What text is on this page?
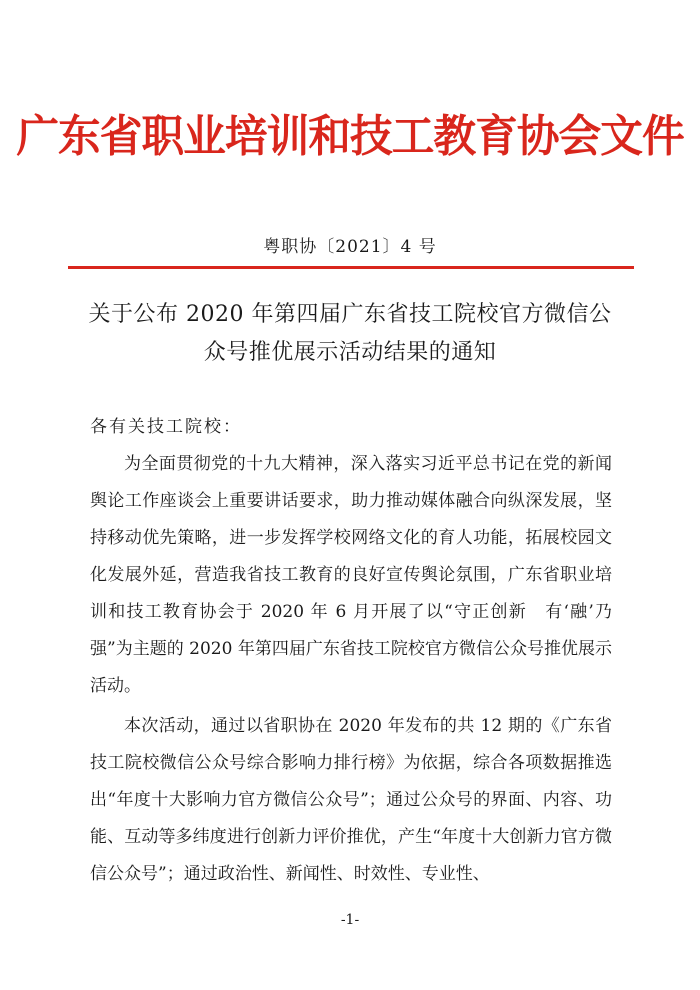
广东省职业培训和技工教育协会文件
粤职协〔2021〕4 号
关于公布 2020 年第四届广东省技工院校官方微信公
众号推优展示活动结果的通知
各有关技工院校：

为全面贯彻党的十九大精神，深入落实习近平总书记在党的新闻舆论工作座谈会上重要讲话要求，助力推动媒体融合向纵深发展，坚持移动优先策略，进一步发挥学校网络文化的育人功能，拓展校园文化发展外延，营造我省技工教育的良好宣传舆论氛围，广东省职业培训和技工教育协会于 2020 年 6 月开展了以“守正创新　有‘融’乃强”为主题的 2020 年第四届广东省技工院校官方微信公众号推优展示活动。

本次活动，通过以省职协在 2020 年发布的共 12 期的《广东省技工院校微信公众号综合影响力排行榜》为依据，综合各项数据推选出“年度十大影响力官方微信公众号”；通过公众号的界面、内容、功能、互动等多纬度进行创新力评价推优，产生“年度十大创新力官方微信公众号”；通过政治性、新闻性、时效性、专业性、

-1-
